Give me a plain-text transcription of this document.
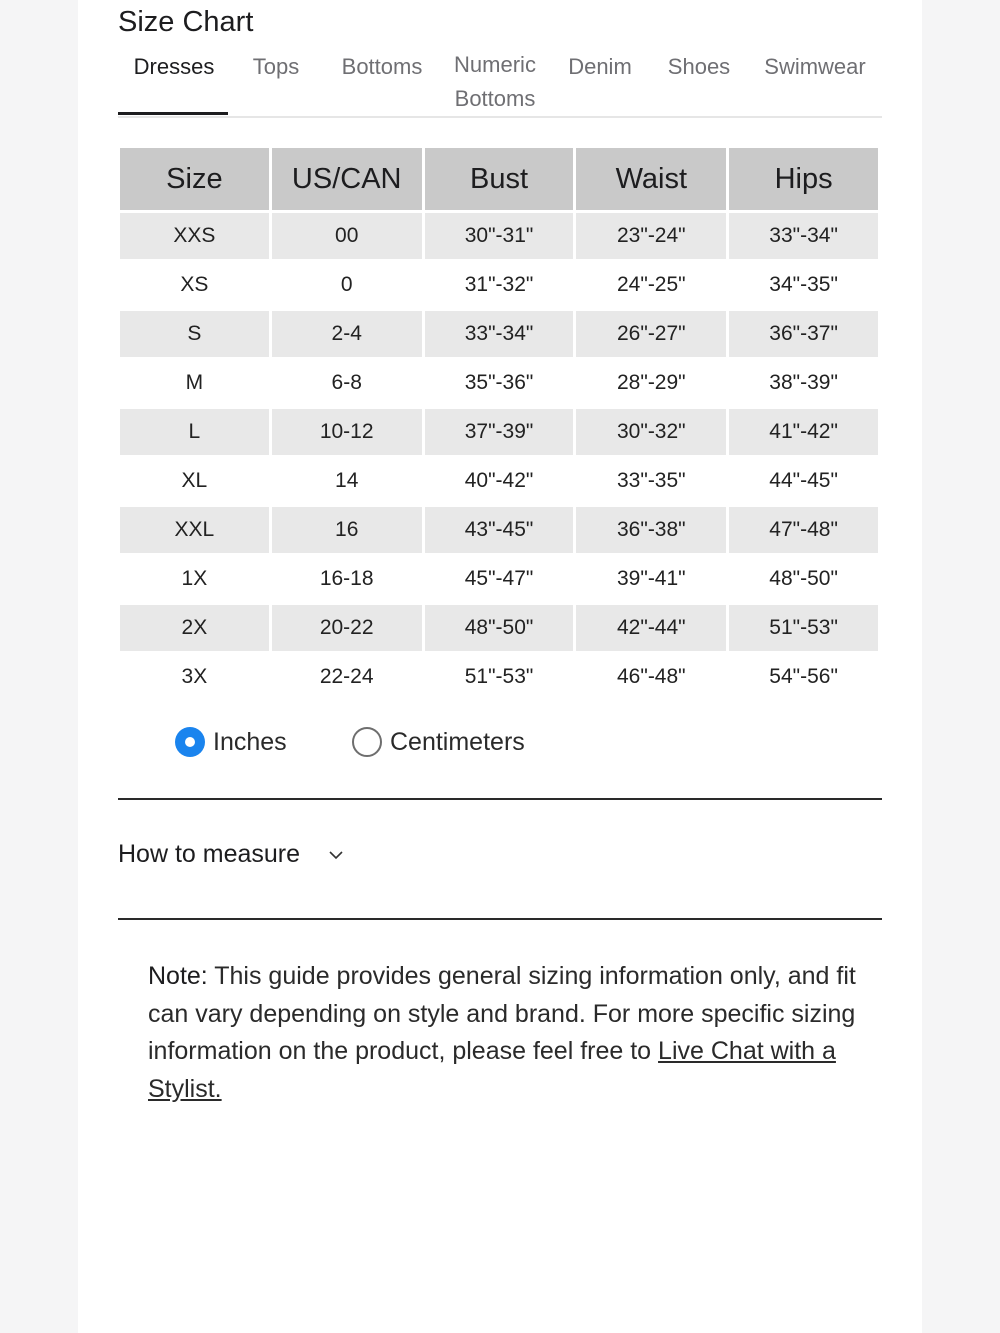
Size Chart
Dresses Tops Bottoms Numeric
Bottoms
Denim Shoes Swimwear
Size	US/CAN	Bust	Waist	Hips
XXS	00	30"-31"	23"-24"	33"-34"
XS	0	31"-32"	24"-25"	34"-35"
S	2-4	33"-34"	26"-27"	36"-37"
M	6-8	35"-36"	28"-29"	38"-39"
L	10-12	37"-39"	30"-32"	41"-42"
XL	14	40"-42"	33"-35"	44"-45"
XXL	16	43"-45"	36"-38"	47"-48"
1X	16-18	45"-47"	39"-41"	48"-50"
2X	20-22	48"-50"	42"-44"	51"-53"
3X	22-24	51"-53"	46"-48"	54"-56"
Inches	Centimeters
How to measure
Note: This guide provides general sizing information only, and fit can vary depending on style and brand. For more specific sizing information on the product, please feel free to Live Chat with a Stylist.
